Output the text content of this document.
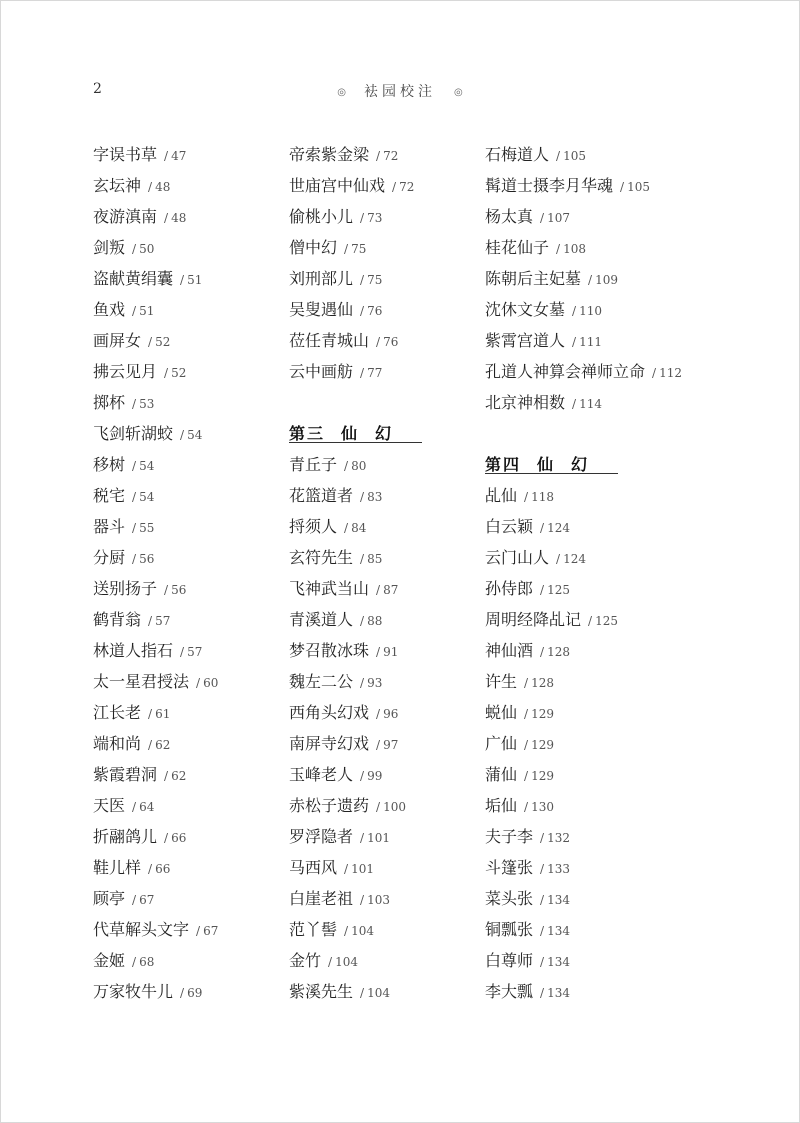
2	◎ 袪园校注 ◎
字误书草 / 47
玄坛神 / 48
夜游滇南 / 48
剑叛 / 50
盗献黄绢囊 / 51
鱼戏 / 51
画屏女 / 52
拂云见月 / 52
掷杯 / 53
飞剑斩湖蛟 / 54
移树 / 54
税宅 / 54
器斗 / 55
分厨 / 56
送别扬子 / 56
鹤背翁 / 57
林道人指石 / 57
太一星君授法 / 60
江长老 / 61
端和尚 / 62
紫霞碧洞 / 62
天医 / 64
折翮鸽儿 / 66
鞋儿样 / 66
顾亭 / 67
代草解头文字 / 67
金姬 / 68
万家牧牛儿 / 69
帝索紫金梁 / 72
世庙宫中仙戏 / 72
偷桃小儿 / 73
僧中幻 / 75
刘刑部儿 / 75
吴叟遇仙 / 76
莅任青城山 / 76
云中画舫 / 77
第三 仙 幻
青丘子 / 80
花篮道者 / 83
捋须人 / 84
玄符先生 / 85
飞神武当山 / 87
青溪道人 / 88
梦召散冰珠 / 91
魏左二公 / 93
西角头幻戏 / 96
南屏寺幻戏 / 97
玉峰老人 / 99
赤松子遗药 / 100
罗浮隐者 / 101
马西风 / 101
白崖老祖 / 103
范丫髻 / 104
金竹 / 104
紫溪先生 / 104
石梅道人 / 105
髯道士摄李月华魂 / 105
杨太真 / 107
桂花仙子 / 108
陈朝后主妃墓 / 109
沈休文女墓 / 110
紫霄宫道人 / 111
孔道人神算会禅师立命 / 112
北京神相数 / 114
第四 仙 幻
乩仙 / 118
白云颖 / 124
云门山人 / 124
孙侍郎 / 125
周明经降乩记 / 125
神仙酒 / 128
许生 / 128
蜕仙 / 129
广仙 / 129
蒲仙 / 129
垢仙 / 130
夫子李 / 132
斗篷张 / 133
菜头张 / 134
铜瓢张 / 134
白尊师 / 134
李大瓢 / 134
